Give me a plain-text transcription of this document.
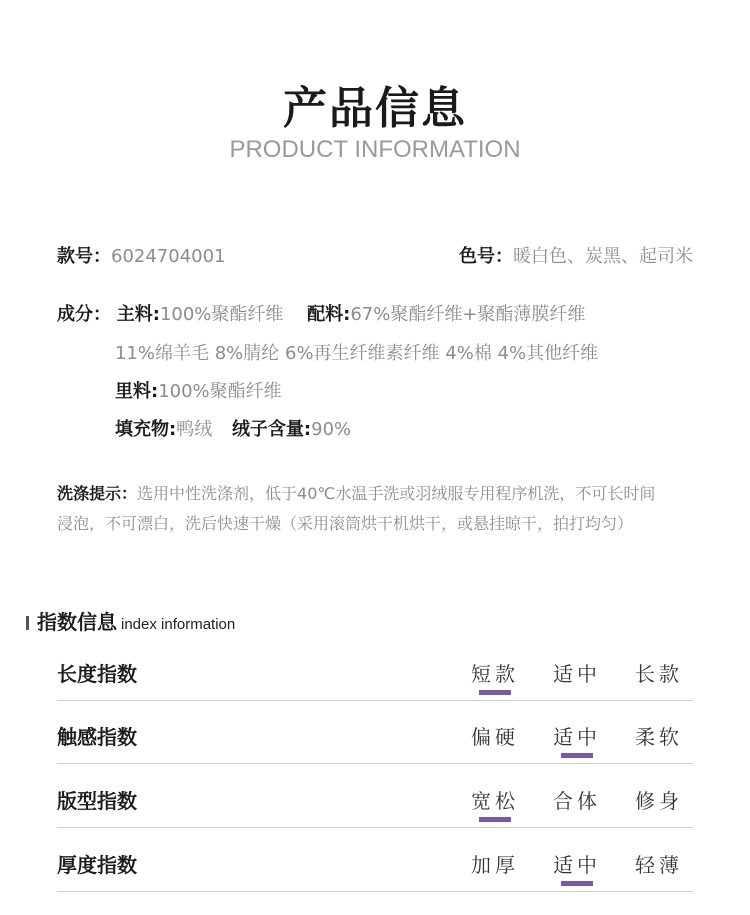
产品信息
PRODUCT INFORMATION
款号：6024704001	色号：暖白色、炭黑、起司米
成分： 主料:100%聚酯纤维 配料:67%聚酯纤维+聚酯薄膜纤维
11%绵羊毛 8%腈纶 6%再生纤维素纤维 4%棉 4%其他纤维
里料:100%聚酯纤维
填充物:鸭绒 绒子含量:90%
洗涤提示：选用中性洗涤剂，低于40℃水温手洗或羽绒服专用程序机洗，不可长时间
浸泡，不可漂白，洗后快速干燥（采用滚筒烘干机烘干，或悬挂晾干，拍打均匀）
指数信息 index information
长度指数	短款	适中	长款
触感指数	偏硬	适中	柔软
版型指数	宽松	合体	修身
厚度指数	加厚	适中	轻薄
